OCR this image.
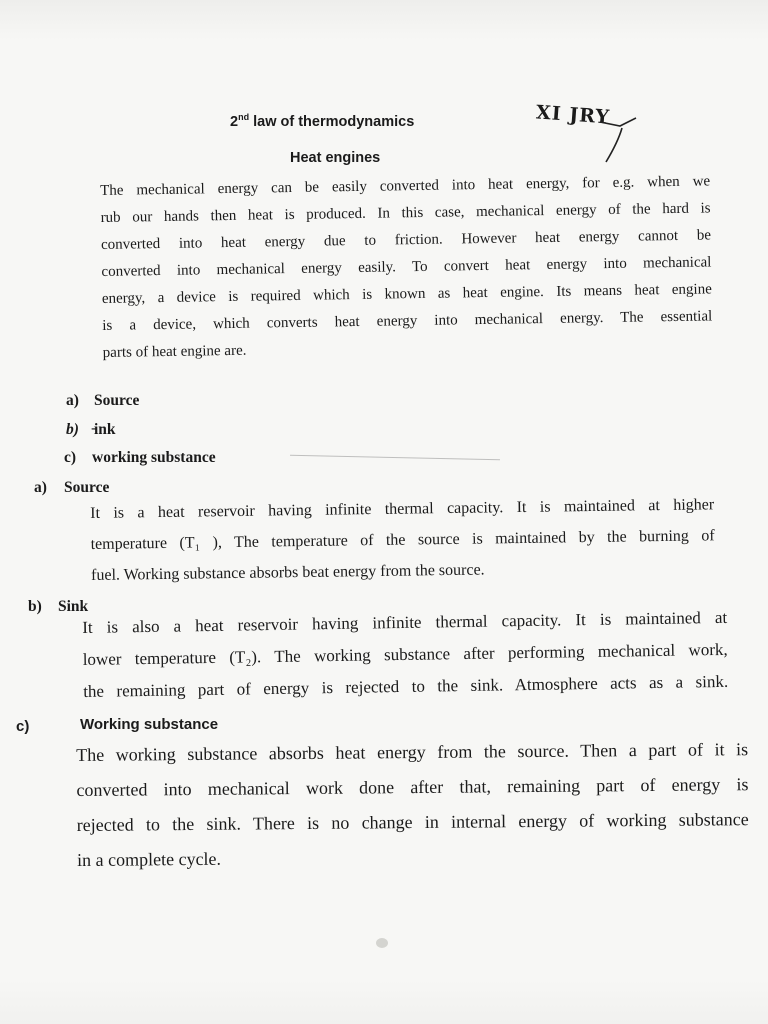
2nd law of thermodynamics	XI JRY
Heat engines
The mechanical energy can be easily converted into heat energy, for e.g. when we
rub our hands then heat is produced. In this case, mechanical energy of the hard is
converted into heat energy due to friction. However heat energy cannot be
converted into mechanical energy easily. To convert heat energy into mechanical
energy, a device is required which is known as heat engine. Its means heat engine
is a device, which converts heat energy into mechanical energy. The essential
parts of heat engine are.
a) Source
b) ̵ink
c) working substance
a) Source
It is a heat reservoir having infinite thermal capacity. It is maintained at higher
temperature (T₁ ), The temperature of the source is maintained by the burning of
fuel. Working substance absorbs beat energy from the source.
b) Sink
It is also a heat reservoir having infinite thermal capacity. It is maintained at
lower temperature (T₂). The working substance after performing mechanical work,
the remaining part of energy is rejected to the sink. Atmosphere acts as a sink.
c)	Working substance
The working substance absorbs heat energy from the source. Then a part of it is
converted into mechanical work done after that, remaining part of energy is
rejected to the sink. There is no change in internal energy of working substance
in a complete cycle.
